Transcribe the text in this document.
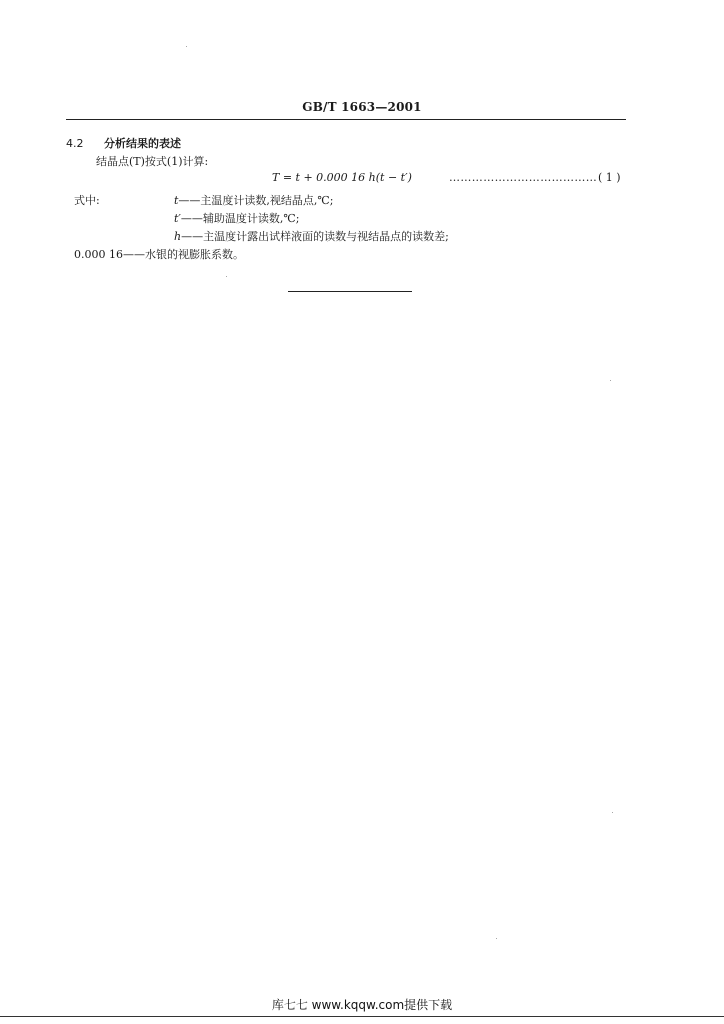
GB/T 1663—2001
4.2 分析结果的表述
结晶点(T)按式(1)计算:
T = t + 0.000 16 h(t − t′)	………………………………… ( 1 )
式中:	t——主温度计读数,视结晶点,℃;
t′——辅助温度计读数,℃;
h——主温度计露出试样液面的读数与视结晶点的读数差;
0.000 16——水银的视膨胀系数。
库七七 www.kqqw.com提供下载
